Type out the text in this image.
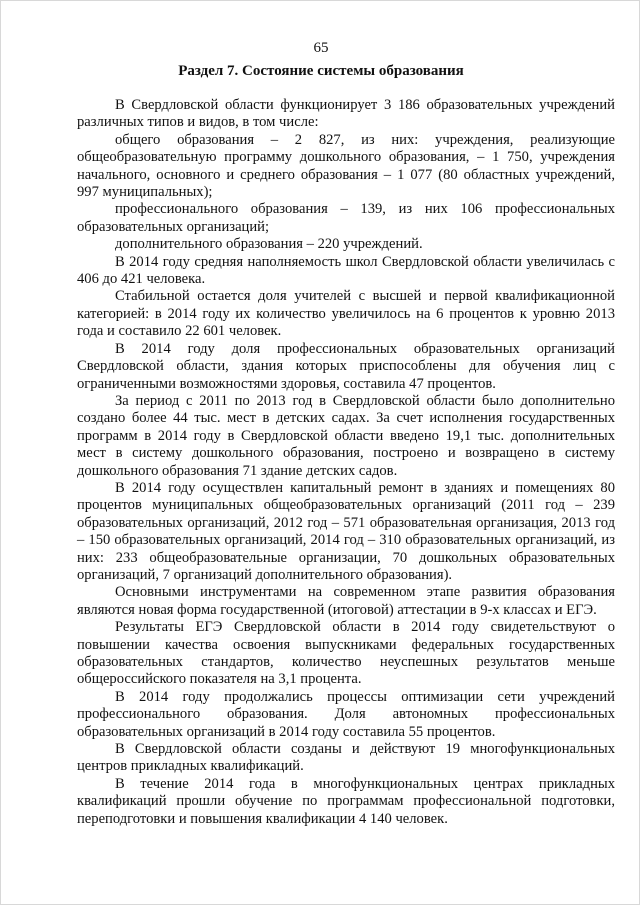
65
Раздел 7. Состояние системы образования

В Свердловской области функционирует 3 186 образовательных учреждений различных типов и видов, в том числе:

общего образования – 2 827, из них: учреждения, реализующие общеобразовательную программу дошкольного образования, – 1 750, учреждения начального, основного и среднего образования – 1 077 (80 областных учреждений, 997 муниципальных);

профессионального образования – 139, из них 106 профессиональных образовательных организаций;

дополнительного образования – 220 учреждений.

В 2014 году средняя наполняемость школ Свердловской области увеличилась с 406 до 421 человека.

Стабильной остается доля учителей с высшей и первой квалификационной категорией: в 2014 году их количество увеличилось на 6 процентов к уровню 2013 года и составило 22 601 человек.

В 2014 году доля профессиональных образовательных организаций Свердловской области, здания которых приспособлены для обучения лиц с ограниченными возможностями здоровья, составила 47 процентов.

За период с 2011 по 2013 год в Свердловской области было дополнительно создано более 44 тыс. мест в детских садах. За счет исполнения государственных программ в 2014 году в Свердловской области введено 19,1 тыс. дополнительных мест в систему дошкольного образования, построено и возвращено в систему дошкольного образования 71 здание детских садов.

В 2014 году осуществлен капитальный ремонт в зданиях и помещениях 80 процентов муниципальных общеобразовательных организаций (2011 год – 239 образовательных организаций, 2012 год – 571 образовательная организация, 2013 год – 150 образовательных организаций, 2014 год – 310 образовательных организаций, из них: 233 общеобразовательные организации, 70 дошкольных образовательных организаций, 7 организаций дополнительного образования).

Основными инструментами на современном этапе развития образования являются новая форма государственной (итоговой) аттестации в 9-х классах и ЕГЭ.

Результаты ЕГЭ Свердловской области в 2014 году свидетельствуют о повышении качества освоения выпускниками федеральных государственных образовательных стандартов, количество неуспешных результатов меньше общероссийского показателя на 3,1 процента.

В 2014 году продолжались процессы оптимизации сети учреждений профессионального образования. Доля автономных профессиональных образовательных организаций в 2014 году составила 55 процентов.

В Свердловской области созданы и действуют 19 многофункциональных центров прикладных квалификаций.

В течение 2014 года в многофункциональных центрах прикладных квалификаций прошли обучение по программам профессиональной подготовки, переподготовки и повышения квалификации 4 140 человек.
